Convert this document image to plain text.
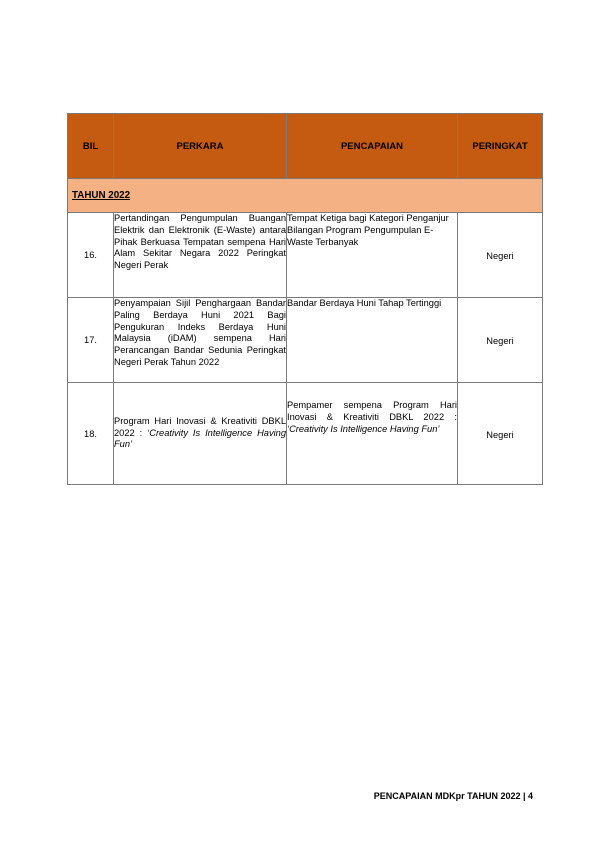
BIL	PERKARA	PENCAPAIAN	PERINGKAT
TAHUN 2022			
16.	Pertandingan Pengumpulan Buangan Elektrik dan Elektronik (E-Waste) antara Pihak Berkuasa Tempatan sempena Hari Alam Sekitar Negara 2022 Peringkat Negeri Perak	Tempat Ketiga bagi Kategori Penganjur Bilangan Program Pengumpulan E-Waste Terbanyak	Negeri
17.	Penyampaian Sijil Penghargaan Bandar Paling Berdaya Huni 2021 Bagi Pengukuran Indeks Berdaya Huni Malaysia (iDAM) sempena Hari Perancangan Bandar Sedunia Peringkat Negeri Perak Tahun 2022	Bandar Berdaya Huni Tahap Tertinggi	Negeri
18.	Program Hari Inovasi & Kreativiti DBKL 2022 : ‘Creativity Is Intelligence Having Fun’	Pempamer sempena Program Hari Inovasi & Kreativiti DBKL 2022 : ‘Creativity Is Intelligence Having Fun’	Negeri
PENCAPAIAN MDKpr TAHUN 2022 | 4
